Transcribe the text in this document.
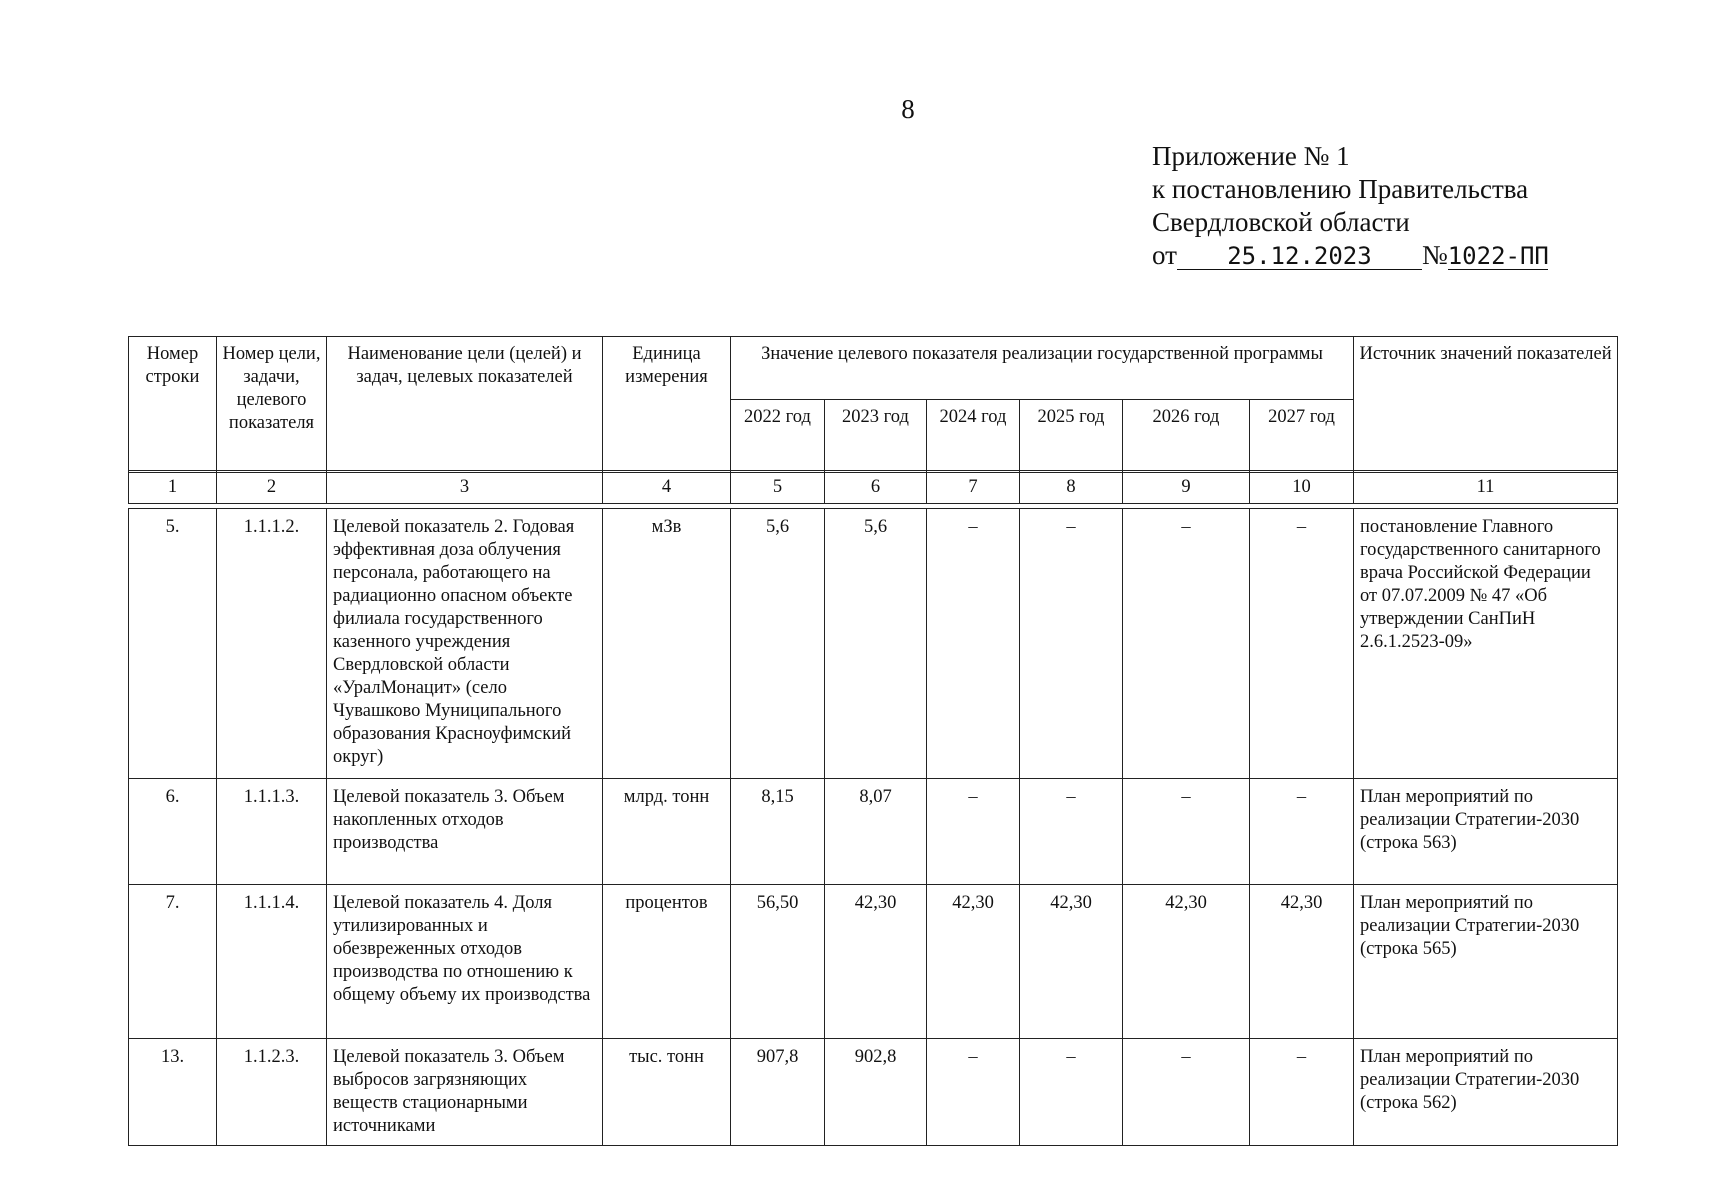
8
Приложение № 1
к постановлению Правительства
Свердловской области
от 25.12.2023 №1022-ПП
Номер строки	Номер цели, задачи, целевого показателя	Наименование цели (целей) и задач, целевых показателей	Единица измерения	Значение целевого показателя реализации государственной программы						Источник значений показателей
				2022 год	2023 год	2024 год	2025 год	2026 год	2027 год	
1	2	3	4	5	6	7	8	9	10	11
5.	1.1.1.2.	Целевой показатель 2. Годовая эффективная доза облучения персонала, работающего на радиационно опасном объекте филиала государственного казенного учреждения Свердловской области «УралМонацит» (село Чувашково Муниципального образования Красноуфимский округ)	мЗв	5,6	5,6	–	–	–	–	постановление Главного государственного санитарного врача Российской Федерации от 07.07.2009 № 47 «Об утверждении СанПиН 2.6.1.2523-09»
6.	1.1.1.3.	Целевой показатель 3. Объем накопленных отходов производства	млрд. тонн	8,15	8,07	–	–	–	–	План мероприятий по реализации Стратегии-2030 (строка 563)
7.	1.1.1.4.	Целевой показатель 4. Доля утилизированных и обезвреженных отходов производства по отношению к общему объему их производства	процентов	56,50	42,30	42,30	42,30	42,30	42,30	План мероприятий по реализации Стратегии-2030 (строка 565)
13.	1.1.2.3.	Целевой показатель 3. Объем выбросов загрязняющих веществ стационарными источниками	тыс. тонн	907,8	902,8	–	–	–	–	План мероприятий по реализации Стратегии-2030 (строка 562)
